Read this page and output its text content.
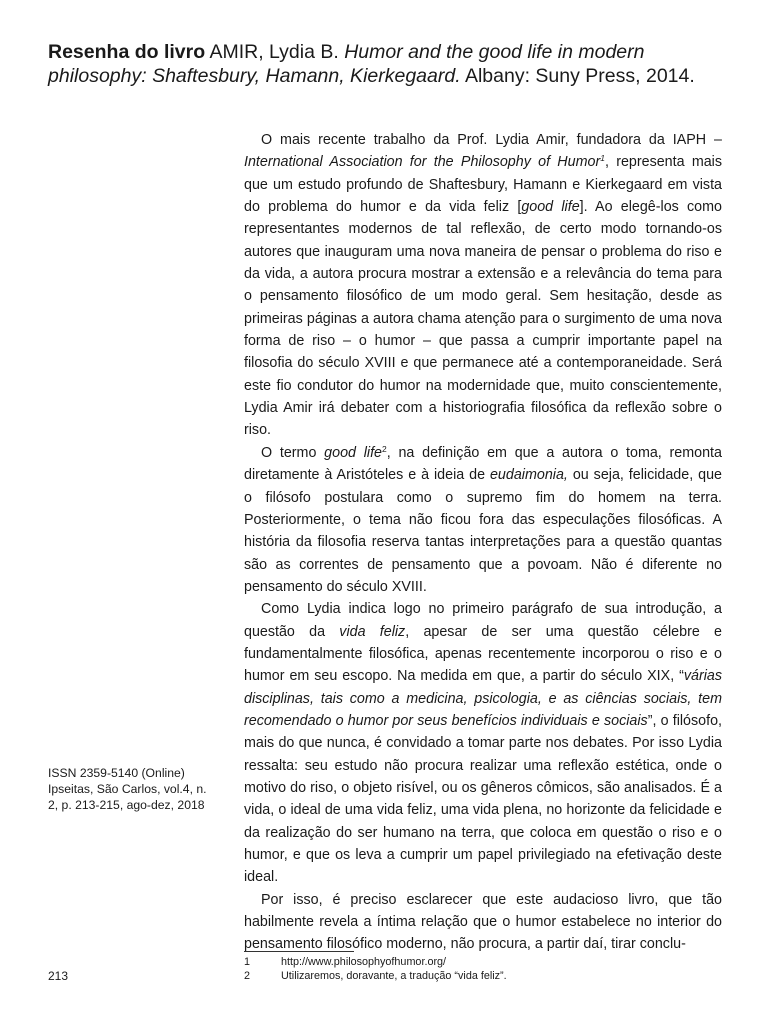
Resenha do livro AMIR, Lydia B. Humor and the good life in modern philosophy: Shaftesbury, Hamann, Kierkegaard. Albany: Suny Press, 2014.

O mais recente trabalho da Prof. Lydia Amir, fundadora da IAPH – International Association for the Philosophy of Humor$^1$, representa mais que um estudo profundo de Shaftesbury, Hamann e Kierkegaard em vista do problema do humor e da vida feliz [good life]. Ao elegê-los como representantes modernos de tal reflexão, de certo modo tornando-os autores que inauguram uma nova maneira de pensar o problema do riso e da vida, a autora procura mostrar a extensão e a relevância do tema para o pensamento filosófico de um modo geral. Sem hesitação, desde as primeiras páginas a autora chama atenção para o surgimento de uma nova forma de riso – o humor – que passa a cumprir importante papel na filosofia do século XVIII e que permanece até a contemporaneidade. Será este fio condutor do humor na modernidade que, muito conscientemente, Lydia Amir irá debater com a historiografia filosófica da reflexão sobre o riso.

O termo good life$^2$, na definição em que a autora o toma, remonta diretamente à Aristóteles e à ideia de eudaimonia, ou seja, felicidade, que o filósofo postulara como o supremo fim do homem na terra. Posteriormente, o tema não ficou fora das especulações filosóficas. A história da filosofia reserva tantas interpretações para a questão quantas são as correntes de pensamento que a povoam. Não é diferente no pensamento do século XVIII.

Como Lydia indica logo no primeiro parágrafo de sua introdução, a questão da vida feliz, apesar de ser uma questão célebre e fundamentalmente filosófica, apenas recentemente incorporou o riso e o humor em seu escopo. Na medida em que, a partir do século XIX, “várias disciplinas, tais como a medicina, psicologia, e as ciências sociais, tem recomendado o humor por seus benefícios individuais e sociais”, o filósofo, mais do que nunca, é convidado a tomar parte nos debates. Por isso Lydia ressalta: seu estudo não procura realizar uma reflexão estética, onde o motivo do riso, o objeto risível, ou os gêneros cômicos, são analisados. É a vida, o ideal de uma vida feliz, uma vida plena, no horizonte da felicidade e da realização do ser humano na terra, que coloca em questão o riso e o humor, e que os leva a cumprir um papel privilegiado na efetivação deste ideal.

Por isso, é preciso esclarecer que este audacioso livro, que tão habilmente revela a íntima relação que o humor estabelece no interior do pensamento filosófico moderno, não procura, a partir daí, tirar conclu-

ISSN 2359-5140 (Online)
Ipseitas, São Carlos, vol.4, n. 2, p. 213-215, ago-dez, 2018
1	http://www.philosophyofhumor.org/
2	Utilizaremos, doravante, a tradução “vida feliz”.
213
